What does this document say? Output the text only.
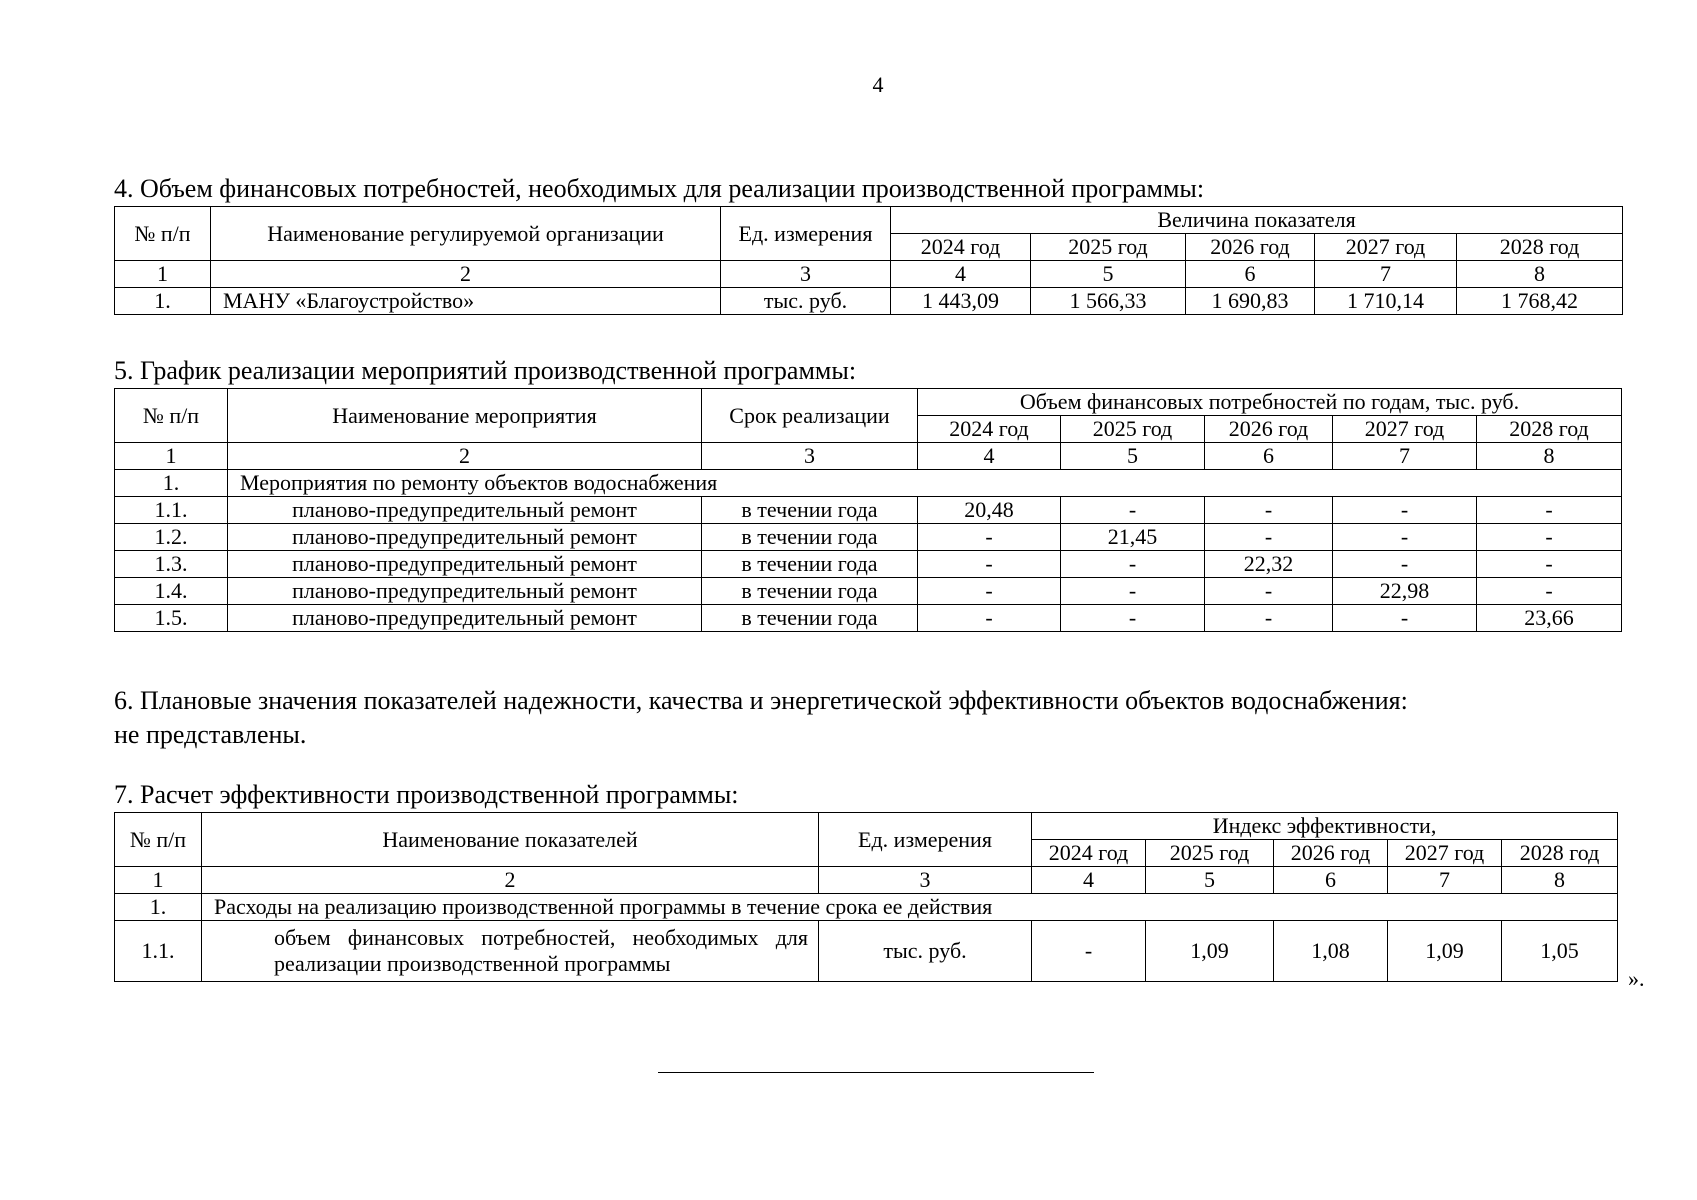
4
4. Объем финансовых потребностей, необходимых для реализации производственной программы:
№ п/п	Наименование регулируемой организации	Ед. измерения	Величина показателя				
			2024 год	2025 год	2026 год	2027 год	2028 год
1	2	3	4	5	6	7	8
1.	МАНУ «Благоустройство»	тыс. руб.	1 443,09	1 566,33	1 690,83	1 710,14	1 768,42
5. График реализации мероприятий производственной программы:
№ п/п	Наименование мероприятия	Срок реализации	Объем финансовых потребностей по годам, тыс. руб.				
			2024 год	2025 год	2026 год	2027 год	2028 год
1	2	3	4	5	6	7	8
1.	Мероприятия по ремонту объектов водоснабжения						
1.1.	планово-предупредительный ремонт	в течении года	20,48	-	-	-	-
1.2.	планово-предупредительный ремонт	в течении года	-	21,45	-	-	-
1.3.	планово-предупредительный ремонт	в течении года	-	-	22,32	-	-
1.4.	планово-предупредительный ремонт	в течении года	-	-	-	22,98	-
1.5.	планово-предупредительный ремонт	в течении года	-	-	-	-	23,66
6. Плановые значения показателей надежности, качества и энергетической эффективности объектов водоснабжения:
не представлены.
7. Расчет эффективности производственной программы:
№ п/п	Наименование показателей	Ед. измерения	Индекс эффективности,				
			2024 год	2025 год	2026 год	2027 год	2028 год
1	2	3	4	5	6	7	8
1.	Расходы на реализацию производственной программы в течение срока ее действия						
1.1.	объем финансовых потребностей, необходимых для реализации производственной программы	тыс. руб.	-	1,09	1,08	1,09	1,05
».
